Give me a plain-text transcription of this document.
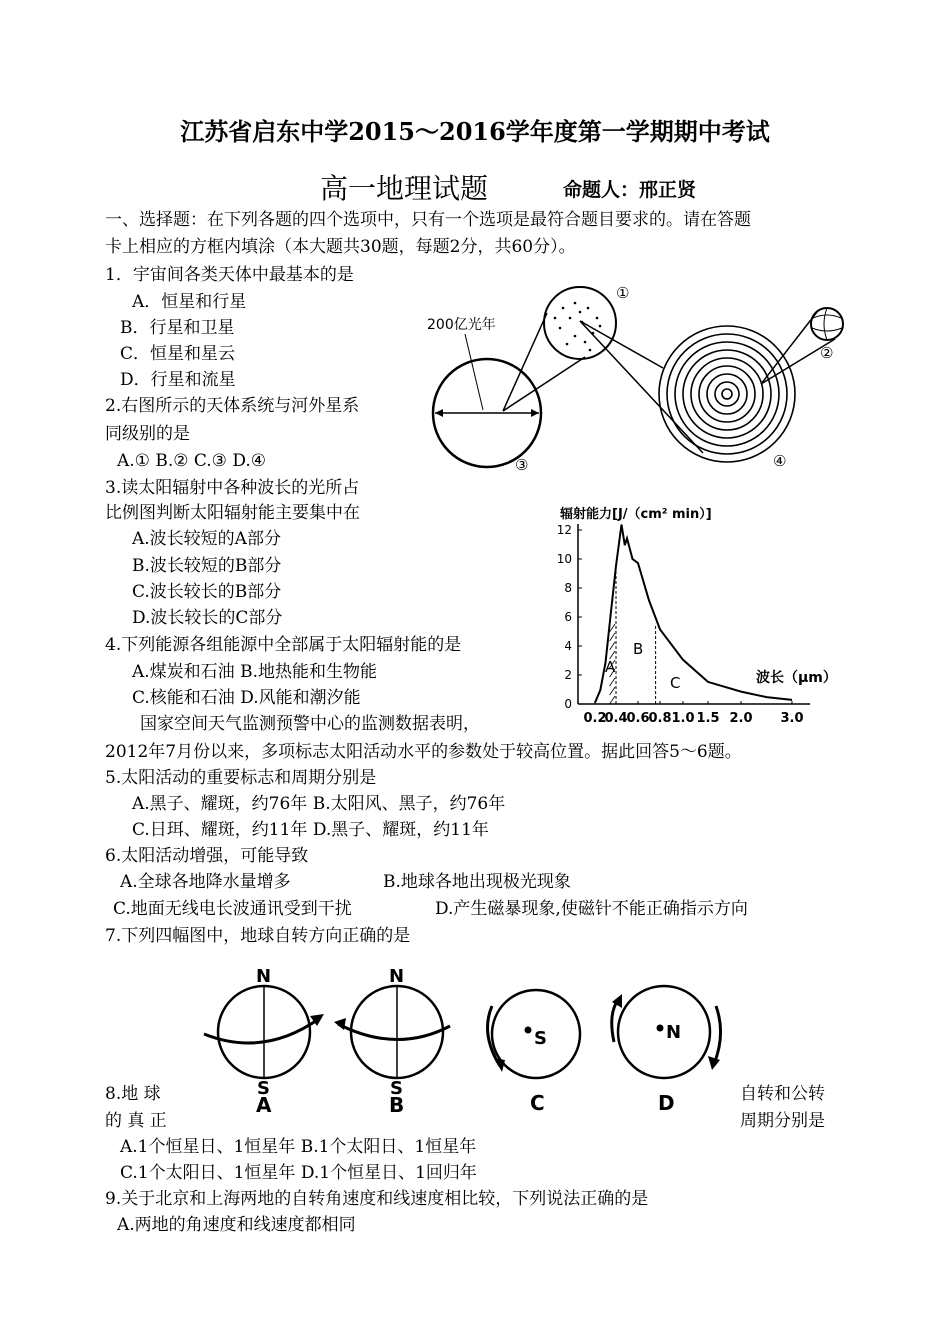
江苏省启东中学2015～2016学年度第一学期期中考试
高一地理试题	命题人：邢正贤
一、选择题：在下列各题的四个选项中，只有一个选项是最符合题目要求的。请在答题
卡上相应的方框内填涂（本大题共30题，每题2分，共60分）。
1．宇宙间各类天体中最基本的是
A．恒星和行星
B．行星和卫星
C．恒星和星云
D．行星和流星
2.右图所示的天体系统与河外星系
同级别的是
A.① B.② C.③ D.④
3.读太阳辐射中各种波长的光所占
比例图判断太阳辐射能主要集中在
A.波长较短的A部分
B.波长较短的B部分
C.波长较长的B部分
D.波长较长的C部分
4.下列能源各组能源中全部属于太阳辐射能的是
A.煤炭和石油 B.地热能和生物能
C.核能和石油 D.风能和潮汐能
国家空间天气监测预警中心的监测数据表明，
2012年7月份以来，多项标志太阳活动水平的参数处于较高位置。据此回答5～6题。
5.太阳活动的重要标志和周期分别是
A.黑子、耀斑，约76年 B.太阳风、黑子，约76年
C.日珥、耀斑，约11年 D.黑子、耀斑，约11年
6.太阳活动增强，可能导致
A.全球各地降水量增多	B.地球各地出现极光现象
C.地面无线电长波通讯受到干扰	D.产生磁暴现象,使磁针不能正确指示方向
7.下列四幅图中，地球自转方向正确的是
8.地 球
的 真 正
自转和公转
周期分别是
A.1个恒星日、1恒星年 B.1个太阳日、1恒星年
C.1个太阳日、1恒星年 D.1个恒星日、1回归年
9.关于北京和上海两地的自转角速度和线速度相比较，下列说法正确的是
A.两地的角速度和线速度都相同
200亿光年
①
②
③	④
0
2
4
6
8
10
12
0.2
0.4
0.6
0.8 1.0 1.5 2.0 3.0
A
B
C
辐射能力[J/（cm² min）]
波长（μm）
N
S
A
N
S
B
S
C
N
D
